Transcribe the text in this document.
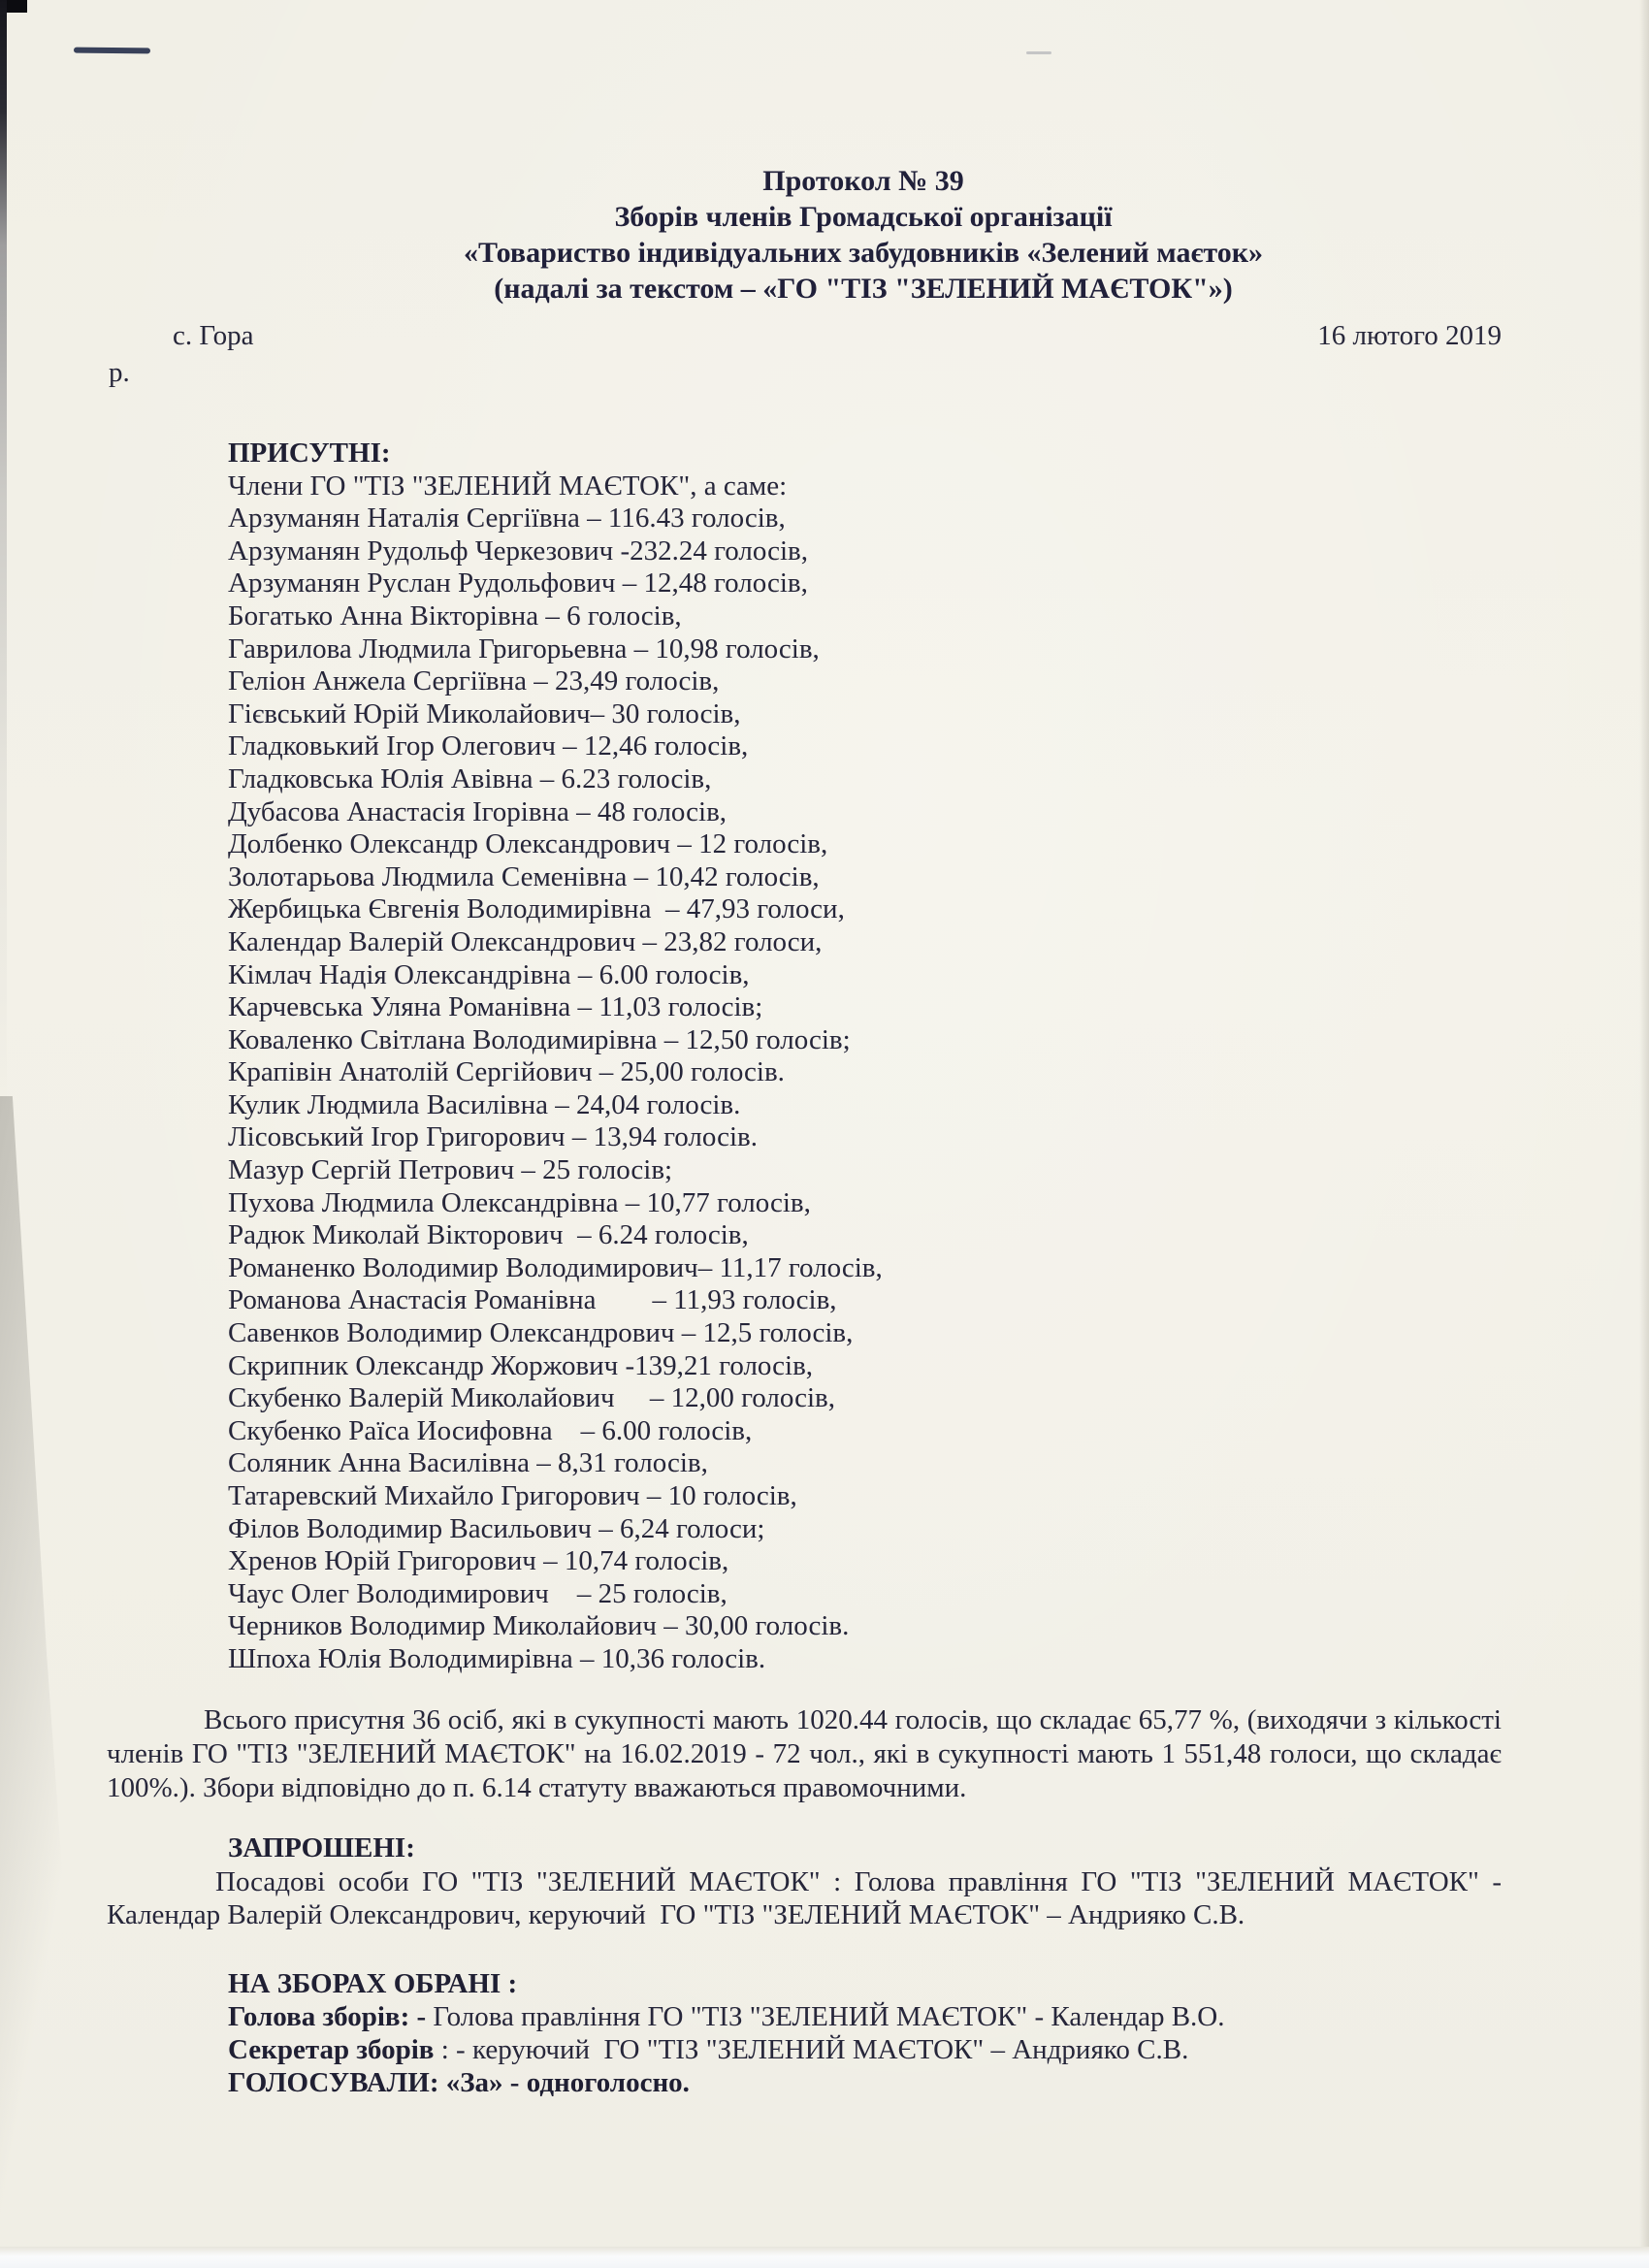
Протокол № 39
Зборів членів Громадської організації
«Товариство індивідуальних забудовників «Зелений маєток»
(надалі за текстом – «ГО "ТІЗ "ЗЕЛЕНИЙ МАЄТОК"»)
с. Гора	16 лютого 2019
р.
ПРИСУТНІ:
Члени ГО "ТІЗ "ЗЕЛЕНИЙ МАЄТОК", а саме:
Арзуманян Наталія Сергіївна – 116.43 голосів,
Арзуманян Рудольф Черкезович -232.24 голосів,
Арзуманян Руслан Рудольфович – 12,48 голосів,
Богатько Анна Вікторівна – 6 голосів,
Гаврилова Людмила Григорьевна – 10,98 голосів,
Геліон Анжела Сергіївна – 23,49 голосів,
Гієвський Юрій Миколайович– 30 голосів,
Гладковький Ігор Олегович – 12,46 голосів,
Гладковська Юлія Авівна – 6.23 голосів,
Дубасова Анастасія Ігорівна – 48 голосів,
Долбенко Олександр Олександрович – 12 голосів,
Золотарьова Людмила Семенівна – 10,42 голосів,
Жербицька Євгенія Володимирівна  – 47,93 голоси,
Календар Валерій Олександрович – 23,82 голоси,
Кімлач Надія Олександрівна – 6.00 голосів,
Карчевська Уляна Романівна – 11,03 голосів;
Коваленко Світлана Володимирівна – 12,50 голосів;
Крапівін Анатолій Сергійович – 25,00 голосів.
Кулик Людмила Василівна – 24,04 голосів.
Лісовський Ігор Григорович – 13,94 голосів.
Мазур Сергій Петрович – 25 голосів;
Пухова Людмила Олександрівна – 10,77 голосів,
Радюк Миколай Вікторович  – 6.24 голосів,
Романенко Володимир Володимирович– 11,17 голосів,
Романова Анастасія Романівна        – 11,93 голосів,
Савенков Володимир Олександрович – 12,5 голосів,
Скрипник Олександр Жоржович -139,21 голосів,
Скубенко Валерій Миколайович     – 12,00 голосів,
Скубенко Раїса Иосифовна    – 6.00 голосів,
Соляник Анна Василівна – 8,31 голосів,
Татаревский Михайло Григорович – 10 голосів,
Філов Володимир Васильович – 6,24 голоси;
Хренов Юрій Григорович – 10,74 голосів,
Чаус Олег Володимирович    – 25 голосів,
Черников Володимир Миколайович – 30,00 голосів.
Шпоха Юлія Володимирівна – 10,36 голосів.
Всього присутня 36 осіб, які в сукупності мають 1020.44 голосів, що складає 65,77 %, (виходячи з кількості членів ГО "ТІЗ "ЗЕЛЕНИЙ МАЄТОК" на 16.02.2019 - 72 чол., які в сукупності мають 1 551,48 голоси, що складає 100%.). Збори відповідно до п. 6.14 статуту вважаються правомочними.
ЗАПРОШЕНІ:
Посадові особи ГО "ТІЗ "ЗЕЛЕНИЙ МАЄТОК" : Голова правління ГО "ТІЗ "ЗЕЛЕНИЙ МАЄТОК" - Календар Валерій Олександрович, керуючий  ГО "ТІЗ "ЗЕЛЕНИЙ МАЄТОК" – Андрияко С.В.
НА ЗБОРАХ ОБРАНІ :
Голова зборів: - Голова правління ГО "ТІЗ "ЗЕЛЕНИЙ МАЄТОК" - Календар В.О.
Секретар зборів : - керуючий  ГО "ТІЗ "ЗЕЛЕНИЙ МАЄТОК" – Андрияко С.В.
ГОЛОСУВАЛИ: «За» - одноголосно.
